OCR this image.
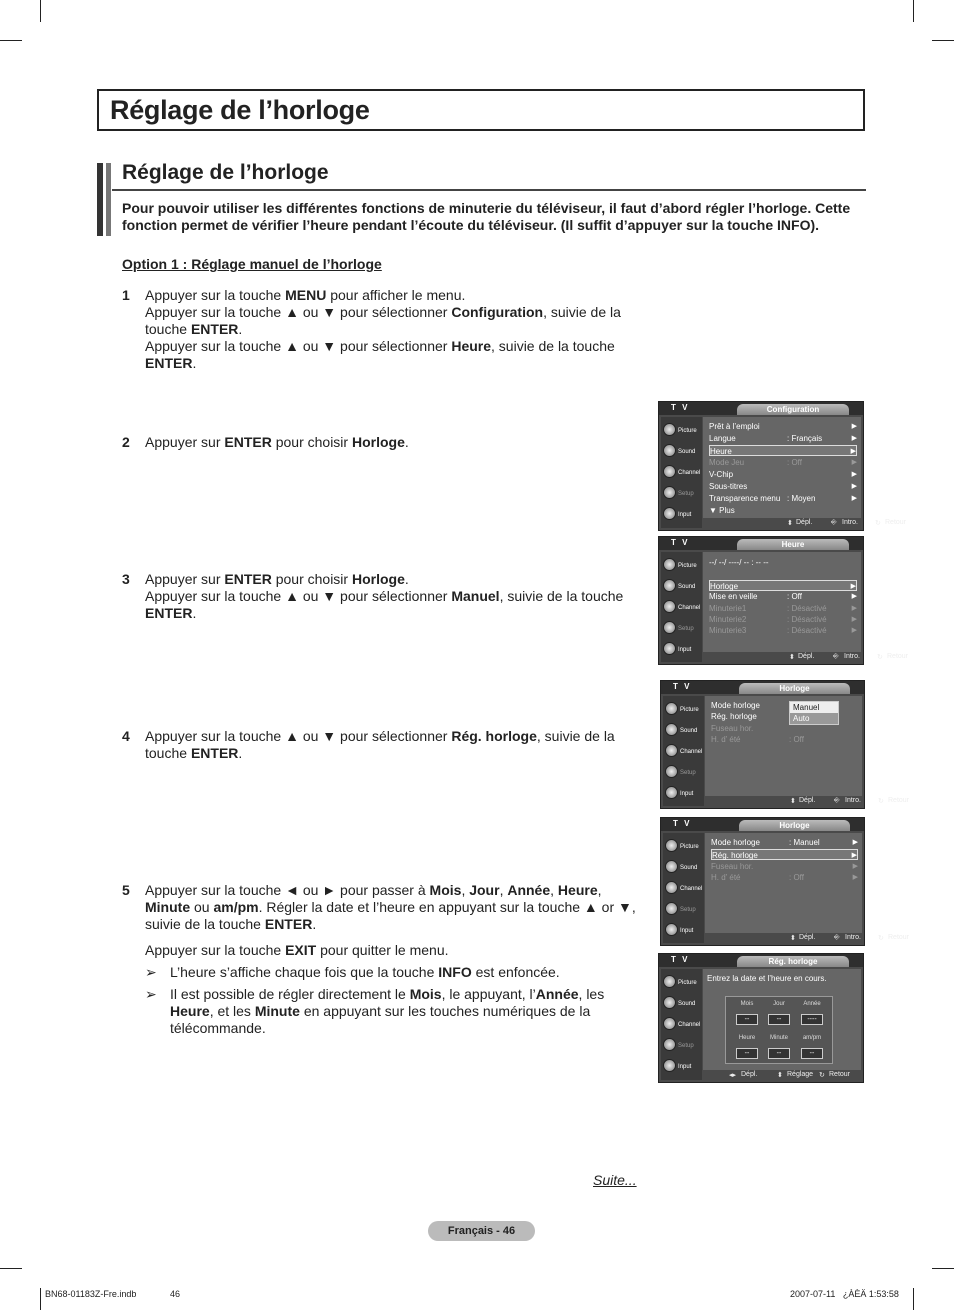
Réglage de l’horloge
Réglage de l’horloge
Pour pouvoir utiliser les différentes fonctions de minuterie du téléviseur, il faut d’abord régler l’horloge. Cette fonction permet de vérifier l’heure pendant l’écoute du téléviseur. (Il suffit d’appuyer sur la touche INFO).
Option 1 : Réglage manuel de l’horloge
1 Appuyer sur la touche MENU pour afficher le menu.
Appuyer sur la touche ▲ ou ▼ pour sélectionner Configuration, suivie de la touche ENTER.
Appuyer sur la touche ▲ ou ▼ pour sélectionner Heure, suivie de la touche ENTER.
2 Appuyer sur ENTER pour choisir Horloge.
3 Appuyer sur ENTER pour choisir Horloge.
Appuyer sur la touche ▲ ou ▼ pour sélectionner Manuel, suivie de la touche ENTER.
4 Appuyer sur la touche ▲ ou ▼ pour sélectionner Rég. horloge, suivie de la touche ENTER.
5 Appuyer sur la touche ◄ ou ► pour passer à Mois, Jour, Année, Heure, Minute ou am/pm. Régler la date et l’heure en appuyant sur la touche ▲ or ▼, suivie de la touche ENTER.
Appuyer sur la touche EXIT pour quitter le menu.
➢ L’heure s’affiche chaque fois que la touche INFO est enfoncée.
➢ Il est possible de régler directement le Mois, le appuyant, l’Année, les Heure, et les Minute en appuyant sur les touches numériques de la télécommande.
Suite...
Français - 46
BN68-01183Z-Fre.indb	46	2007-07-11 ¿ÀÈÄ 1:53:58
T V	Configuration
Picture
Sound
Channel
Setup
Input
Prêt à l’emploi	▶
Langue	: Français	▶
Heure	▶
Mode Jeu	: Off	▶
V-Chip	▶
Sous-titres	▶
Transparence menu : Moyen	▶
▼ Plus
⬍ Dépl.	⎆ Intro. ↻ Retour
T V	Heure
Picture
Sound
Channel
Setup
Input
--/ --/ ----/ -- : -- --
Horloge	▶
Mise en veille	: Off	▶
Minuterie1	: Désactivé	▶
Minuterie2	: Désactivé	▶
Minuterie3	: Désactivé	▶
⬍ Dépl.	⎆ Intro. ↻ Retour
T V	Horloge
Picture
Sound
Channel
Setup
Input
Mode horloge
Rég. horloge
Fuseau hor.
H. d’ été	: Off
Manuel
Auto
⬍ Dépl.	⎆ Intro. ↻ Retour
T V	Horloge
Picture
Sound
Channel
Setup
Input
Mode horloge	: Manuel	▶
Rég. horloge	▶
Fuseau hor.	▶
H. d’ été	: Off	▶
⬍ Dépl.	⎆ Intro. ↻ Retour
T V	Rég. horloge
Picture
Sound
Channel
Setup
Input
Entrez la date et l’heure en cours.
Mois	Jour	Année
--	--	----
Heure	Minute	am/pm
--	--	--
◂▸ Dépl.	⬍ Réglage ↻ Retour
